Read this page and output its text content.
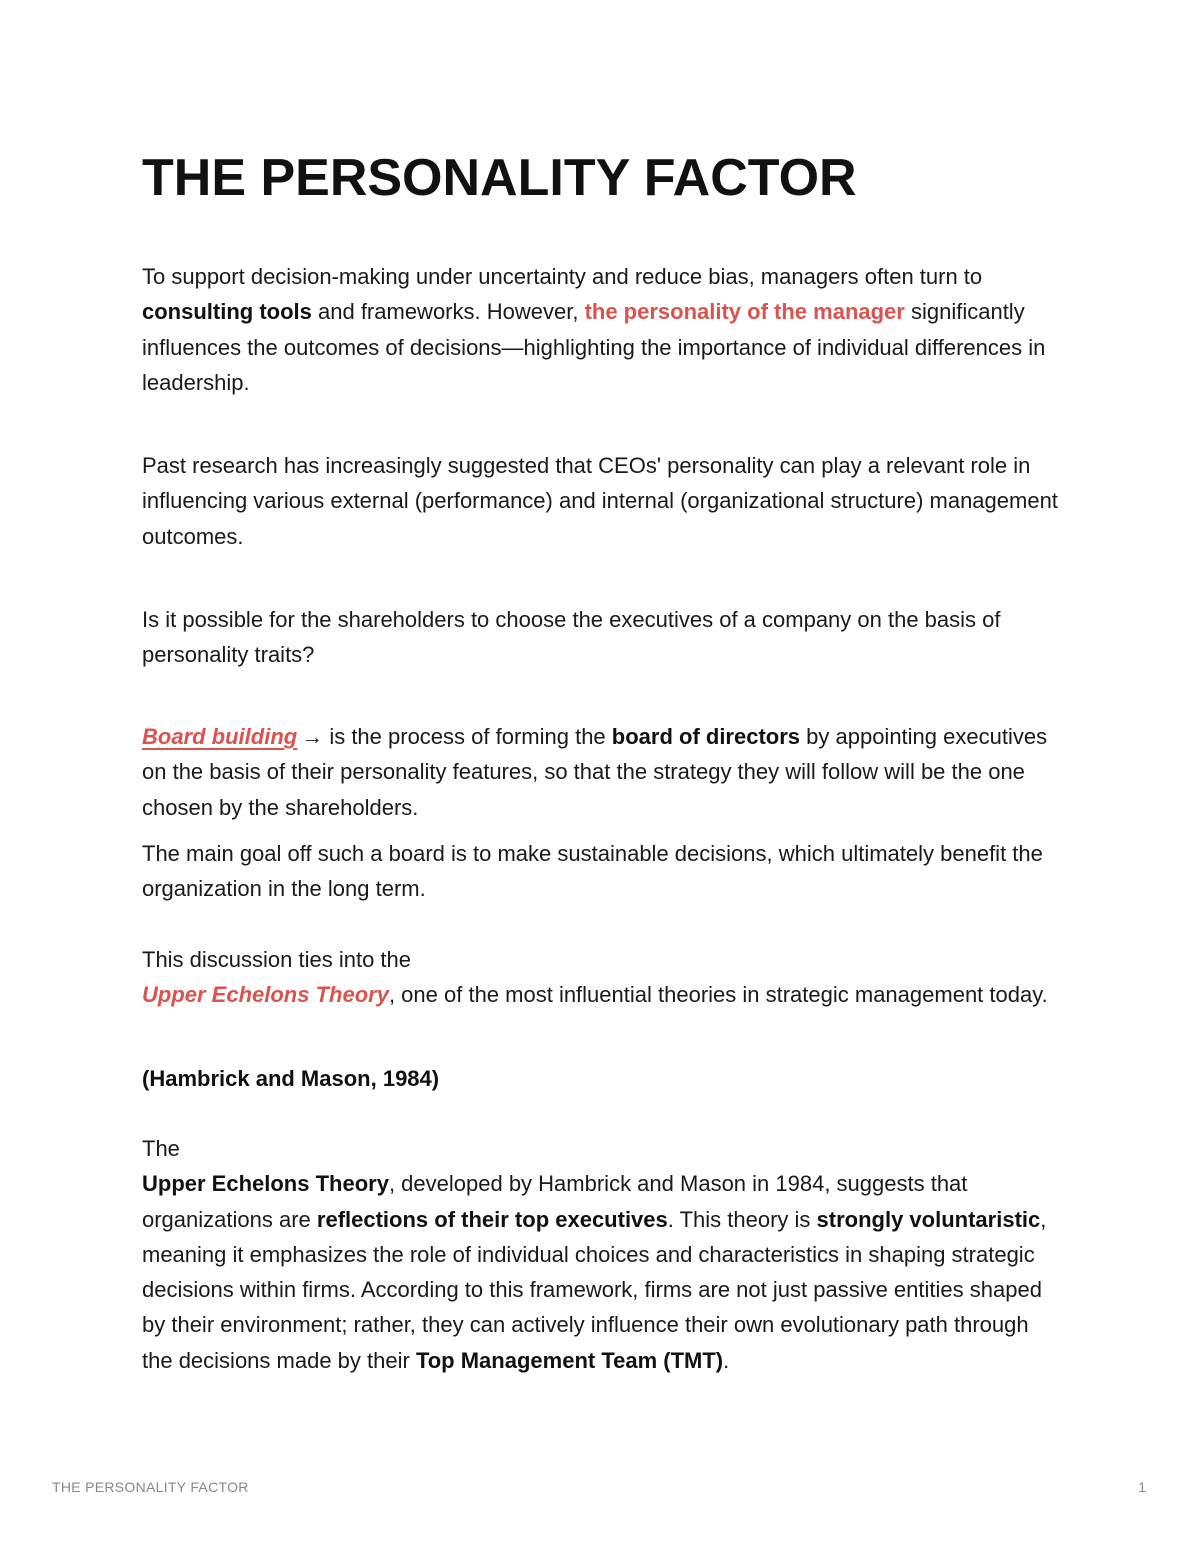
THE PERSONALITY FACTOR

To support decision-making under uncertainty and reduce bias, managers often turn to consulting tools and frameworks. However, the personality of the manager significantly influences the outcomes of decisions—highlighting the importance of individual differences in leadership.

Past research has increasingly suggested that CEOs' personality can play a relevant role in influencing various external (performance) and internal (organizational structure) management outcomes.

Is it possible for the shareholders to choose the executives of a company on the basis of personality traits?

Board building → is the process of forming the board of directors by appointing executives on the basis of their personality features, so that the strategy they will follow will be the one chosen by the shareholders.

The main goal off such a board is to make sustainable decisions, which ultimately benefit the organization in the long term.

This discussion ties into the
Upper Echelons Theory, one of the most influential theories in strategic management today.

(Hambrick and Mason, 1984)

The
Upper Echelons Theory, developed by Hambrick and Mason in 1984, suggests that organizations are reflections of their top executives. This theory is strongly voluntaristic, meaning it emphasizes the role of individual choices and characteristics in shaping strategic decisions within firms. According to this framework, firms are not just passive entities shaped by their environment; rather, they can actively influence their own evolutionary path through the decisions made by their Top Management Team (TMT).

THE PERSONALITY FACTOR	1
